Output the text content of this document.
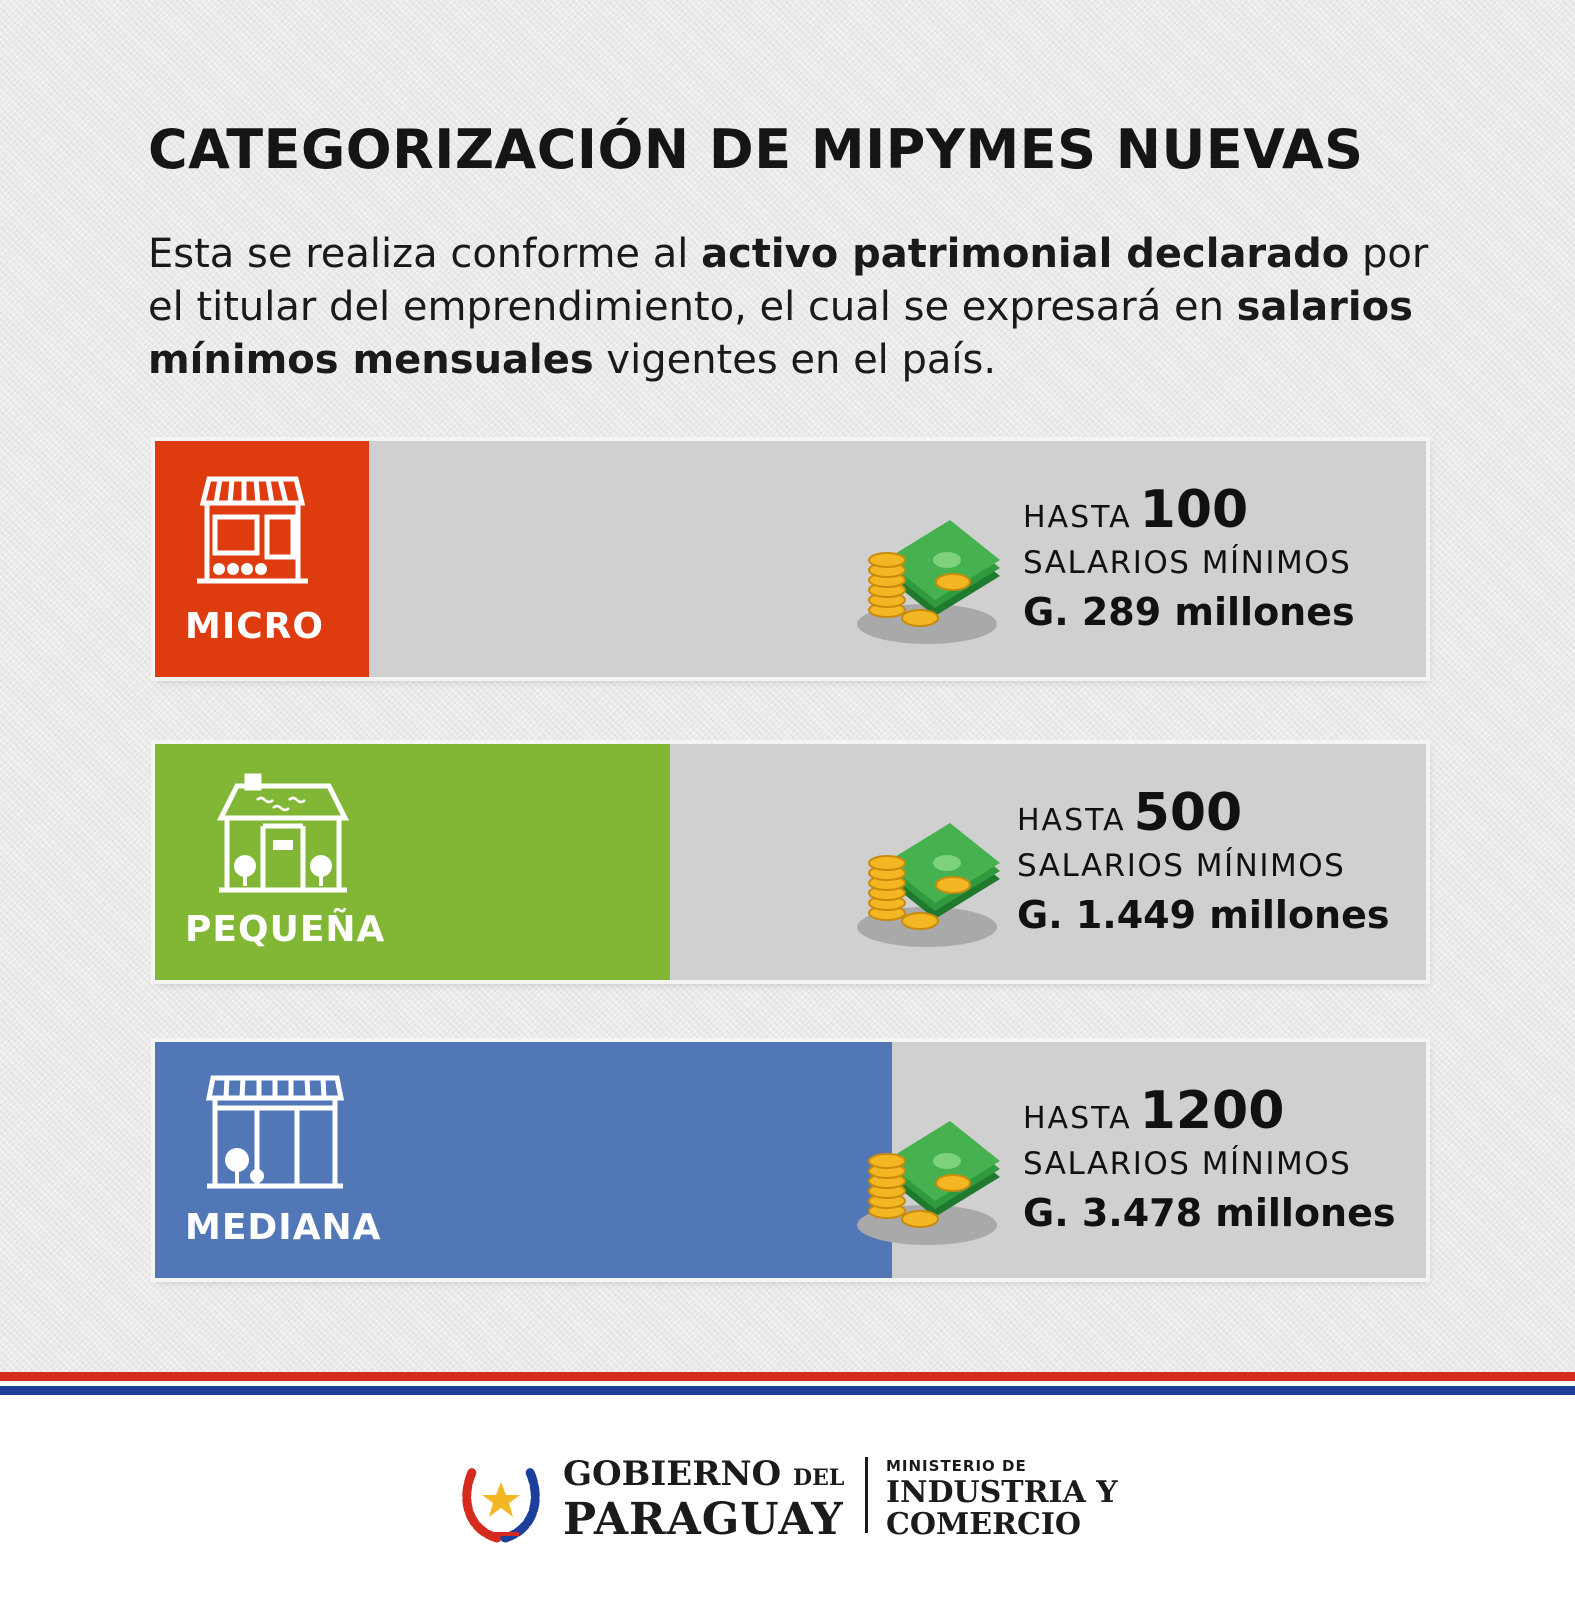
CATEGORIZACIÓN DE MIPYMES NUEVAS

Esta se realiza conforme al activo patrimonial declarado por el titular del emprendimiento, el cual se expresará en salarios mínimos mensuales vigentes en el país.

MICRO
HASTA 100
SALARIOS MÍNIMOS
G. 289 millones
PEQUEÑA
HASTA 500
SALARIOS MÍNIMOS
G. 1.449 millones
MEDIANA
HASTA 1200
SALARIOS MÍNIMOS
G. 3.478 millones
GOBIERNO DEL
PARAGUAY
MINISTERIO DE
INDUSTRIA Y
COMERCIO
